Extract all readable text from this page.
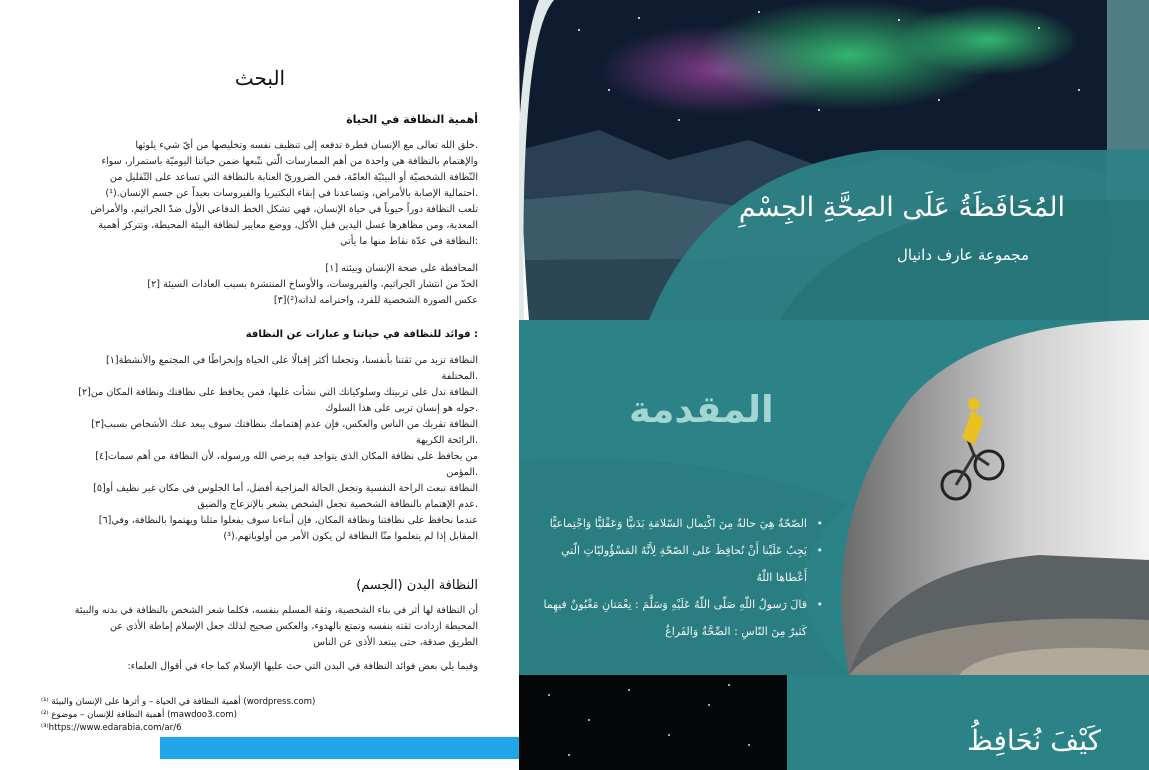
البحث
أهمية النظافة في الحياة

.خلق الله تعالى مع الإنسان فطرة تدفعه إلى تنظيف نفسه وتخليصها من أيّ شيء يلوثها

والإهتمام بالنظافة هي واحدة من أهم الممارسات الّتي نتّبعها ضمن حياتنا اليوميّة باستمرار، سواء

النّظافة الشخصيّة أو البيئيّة العامّة، فمن الضروريّ العناية بالنظافة التي تساعد على التّقليل من

.احتمالية الإصابة بالأمراض، وتساعدنا في إبقاء البكتيريا والفيروسات بعيداً عن جسم الإنسان.(¹)

تلعب النظافة دوراً حيوياً في حياة الإنسان، فهي تشكل الخط الدفاعي الأول ضدّ الجراثيم، والأمراض

المعدية، ومن مظاهرها غسل اليدين قبل الأكل، ووضع معايير لنظافة البيئة المحيطة، وتتركز أهمية

:النظافة في عدّة نقاط منها ما يأتي

المحافظة على صحة الإنسان وبيئته [١]
الحدّ من انتشار الجراثيم، والفيروسات، والأوساخ المنتشرة بسبب العادات السيئة [٢]
عكس الصورة الشخصية للفرد، واحترامه لذاته(²)[٣]
: فوائد للنظافة في حياتنا و عبارات عن النظافة
النظافة تزيد من ثقتنا بأنفسنا، وتجعلنا أكثر إقبالًا على الحياة وإنخراطًا في المجتمع والأنشطة[١]
.المختلفة
النظافة تدل على تربيتك وسلوكياتك التي نشأت عليها، فمن يحافظ على نظافتك ونظافة المكان من[٢]
.حوله هو إنسان تربى على هذا السلوك
النظافة تقربك من الناس والعكس، فإن عدم إهتمامك بنظافتك سوف يبعد عنك الأشخاص بسبب[٣]
.الرائحة الكريهة
من يحافظ على نظافة المكان الذي يتواجد فيه يرضي الله ورسوله، لأن النظافة من أهم سمات[٤]
.المؤمن
النظافة تبعث الراحة النفسية وتجعل الحالة المزاجية أفضل، أما الجلوس في مكان غير نظيف أو[٥]
.عدم الإهتمام بالنظافة الشخصية تجعل الشخص يشعر بالإنزعاج والضيق
عندما نحافظ على نظافتنا ونظافة المكان، فإن أبناءنا سوف يفعلوا مثلنا ويهتموا بالنظافة، وفي[٦]
المقابل إذا لم يتعلموا منّا النظافة لن يكون الأمر من أولوياتهم.(³)
النظافة البدن (الجسم)

أن النظافة لها أثر في بناء الشخصية، وثقة المسلم بنفسه، فكلما شعر الشخص بالنظافة في بدنه والبيئة

المحيطة ازدادت ثقته بنفسه وتمتع بالهدوء، والعكس صحيح لذلك جعل الإسلام إماطة الأذى عن

الطريق صدقة، حتى يبتعد الأذى عن الناس

وفيما يلي بعض فوائد النظافة في البدن التي حث عليها الإسلام كما جاء في أقوال العلماء:
⁽¹⁾ أهمية النظافة في الحياة – و أثرها على الإنسان والبيئة (wordpress.com)
⁽²⁾ أهمية النظافة للإنسان – موضوع (mawdoo3.com)
⁽³⁾https://www.edarabia.com/ar/6
المُحَافَظَةُ عَلَى الصِحَّةِ الجِسْمِ
مجموعة عارف دانيال
المقدمة
• الصّحّةُ هِيَ حالةٌ مِنَ اكْتِمال السّلامَةِ بَدَنيًّا وَعَقْليًّا وَاجْتِماعيًّا
• يَجِبُ عَلَيْنا أَنْ نُحافِظَ عَلى الصّحّةِ لِأَنَّهُ المَسْؤُوليّاتِ الّتي
أَعْطاها اللّٰهُ
• قالَ رَسولُ اللّٰهِ صَلّى اللّٰهُ عَلَيْهِ وَسَلَّمَ : نِعْمَتانِ مَغْبُونٌ فيهِما
كَثيرٌ مِنَ النّاسِ : الصِّحَّةُ وَالفَراغُ
كَيْفَ نُحَافِظُ
